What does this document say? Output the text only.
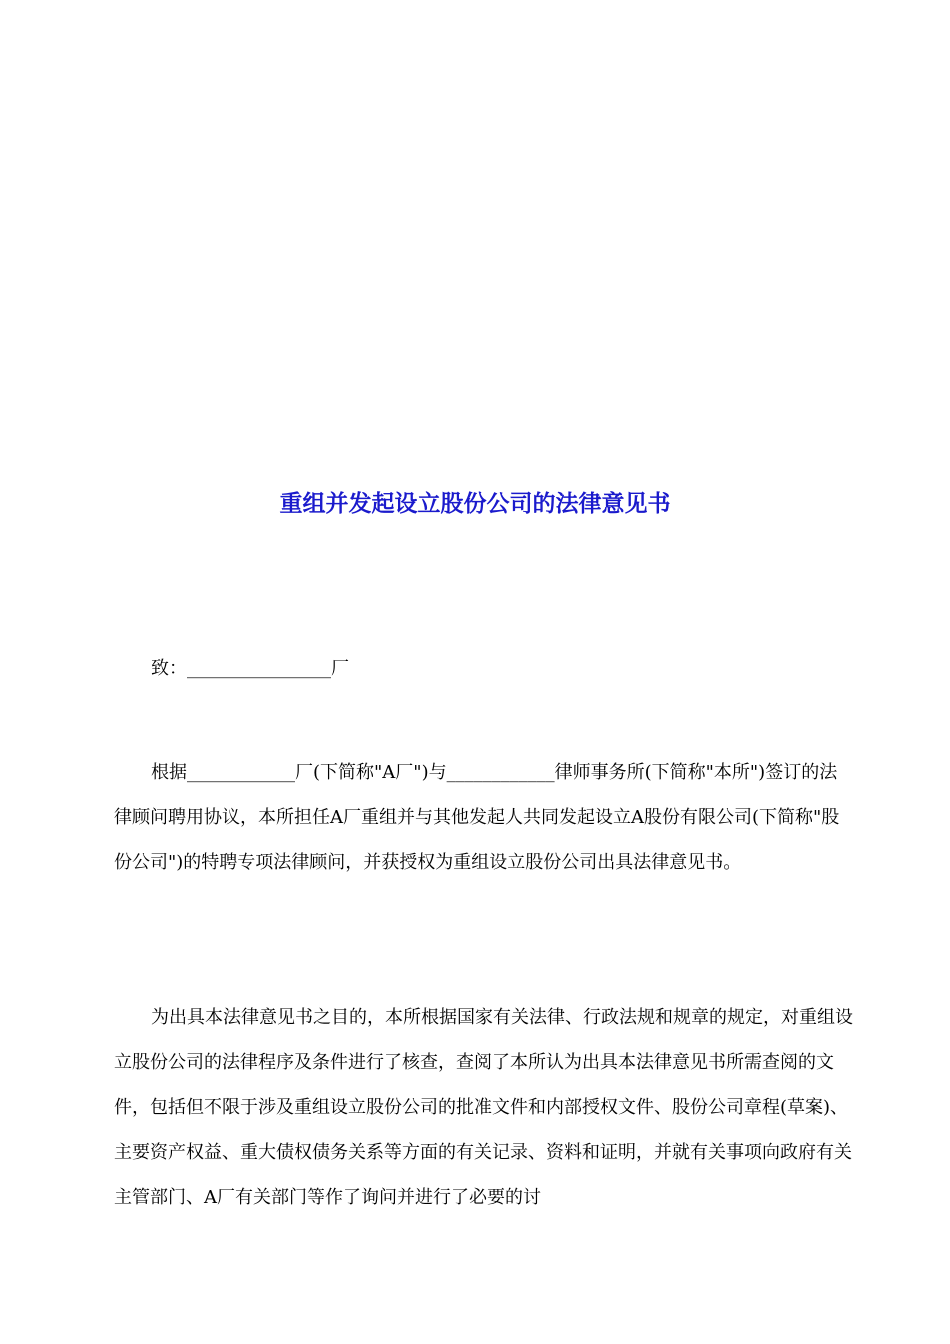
重组并发起设立股份公司的法律意见书
致：________________厂

根据____________厂(下简称"A厂")与____________律师事务所(下简称"本所")签订的法律顾问聘用协议，本所担任A厂重组并与其他发起人共同发起设立A股份有限公司(下简称"股份公司")的特聘专项法律顾问，并获授权为重组设立股份公司出具法律意见书。

为出具本法律意见书之目的，本所根据国家有关法律、行政法规和规章的规定，对重组设立股份公司的法律程序及条件进行了核查，查阅了本所认为出具本法律意见书所需查阅的文件，包括但不限于涉及重组设立股份公司的批准文件和内部授权文件、股份公司章程(草案)、主要资产权益、重大债权债务关系等方面的有关记录、资料和证明，并就有关事项向政府有关主管部门、A厂有关部门等作了询问并进行了必要的讨
